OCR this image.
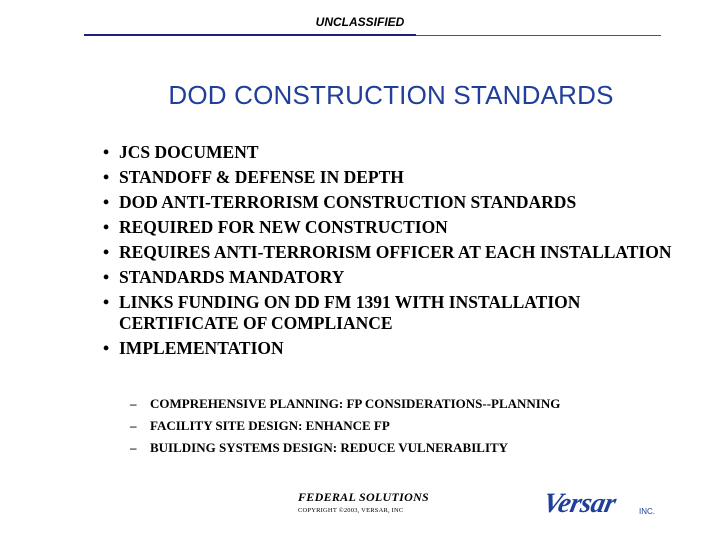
UNCLASSIFIED
DOD CONSTRUCTION STANDARDS
• JCS DOCUMENT
• STANDOFF & DEFENSE IN DEPTH
• DOD ANTI-TERRORISM CONSTRUCTION STANDARDS
• REQUIRED FOR NEW CONSTRUCTION
• REQUIRES ANTI-TERRORISM OFFICER AT EACH INSTALLATION
• STANDARDS MANDATORY
• LINKS FUNDING ON DD FM 1391 WITH INSTALLATION CERTIFICATE OF COMPLIANCE
• IMPLEMENTATION
– COMPREHENSIVE PLANNING: FP CONSIDERATIONS--PLANNING
– FACILITY SITE DESIGN: ENHANCE FP
– BUILDING SYSTEMS DESIGN: REDUCE VULNERABILITY
FEDERAL SOLUTIONS
COPYRIGHT ©2003, VERSAR, INC	Versar	INC.
